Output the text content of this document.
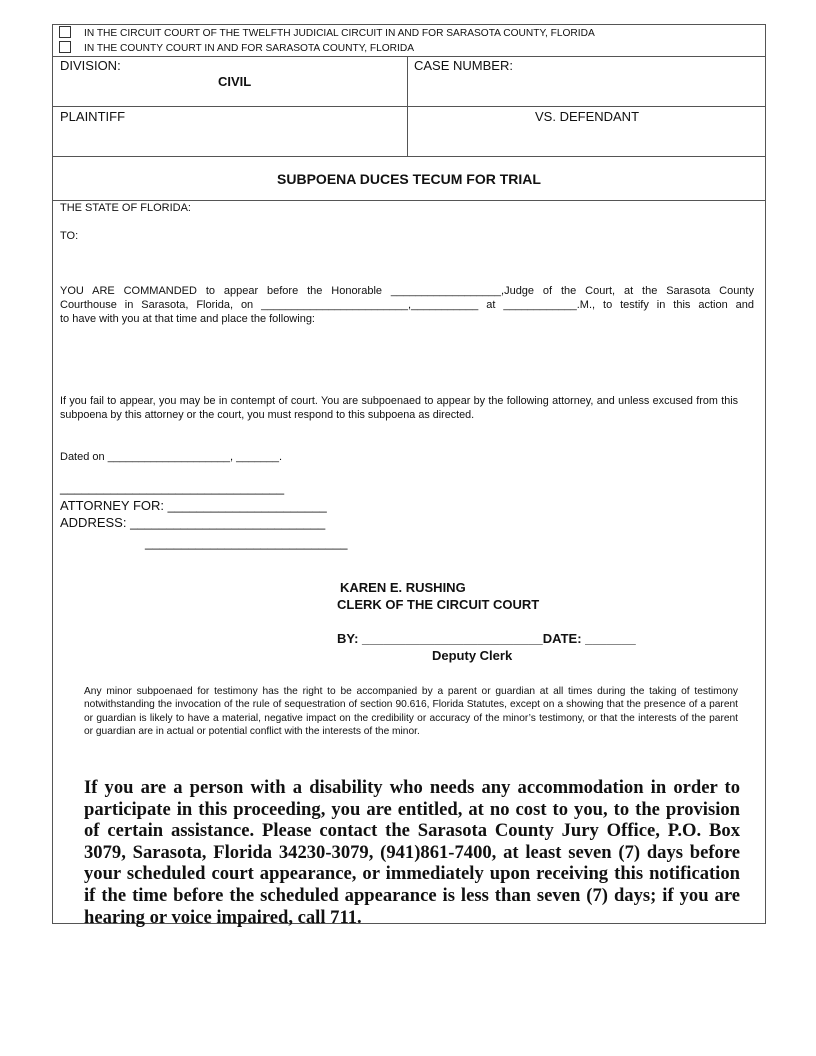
IN THE CIRCUIT COURT OF THE TWELFTH JUDICIAL CIRCUIT IN AND FOR SARASOTA COUNTY, FLORIDA
IN THE COUNTY COURT IN AND FOR SARASOTA COUNTY, FLORIDA
DIVISION:
CIVIL
CASE NUMBER:
PLAINTIFF	VS. DEFENDANT
SUBPOENA DUCES TECUM FOR TRIAL
THE STATE OF FLORIDA:
TO:
YOU ARE COMMANDED to appear before the Honorable __________________,Judge of the Court, at the Sarasota County
Courthouse in Sarasota, Florida, on ________________________,___________ at ____________.M., to testify in this action and
to have with you at that time and place the following:
If you fail to appear, you may be in contempt of court. You are subpoenaed to appear by the following attorney, and unless excused from this subpoena by this attorney or the court, you must respond to this subpoena as directed.
Dated on ____________________, _______.
_______________________________
ATTORNEY FOR: ______________________
ADDRESS: ___________________________
____________________________
KAREN E. RUSHING
CLERK OF THE CIRCUIT COURT
BY: _________________________DATE: _______
Deputy Clerk
Any minor subpoenaed for testimony has the right to be accompanied by a parent or guardian at all times during the taking of testimony notwithstanding the invocation of the rule of sequestration of section 90.616, Florida Statutes, except on a showing that the presence of a parent or guardian is likely to have a material, negative impact on the credibility or accuracy of the minor’s testimony, or that the interests of the parent or guardian are in actual or potential conflict with the interests of the minor.
If you are a person with a disability who needs any accommodation in order to participate in this proceeding, you are entitled, at no cost to you, to the provision of certain assistance. Please contact the Sarasota County Jury Office, P.O. Box 3079, Sarasota, Florida 34230-3079, (941)861-7400, at least seven (7) days before your scheduled court appearance, or immediately upon receiving this notification if the time before the scheduled appearance is less than seven (7) days; if you are hearing or voice impaired, call 711.
